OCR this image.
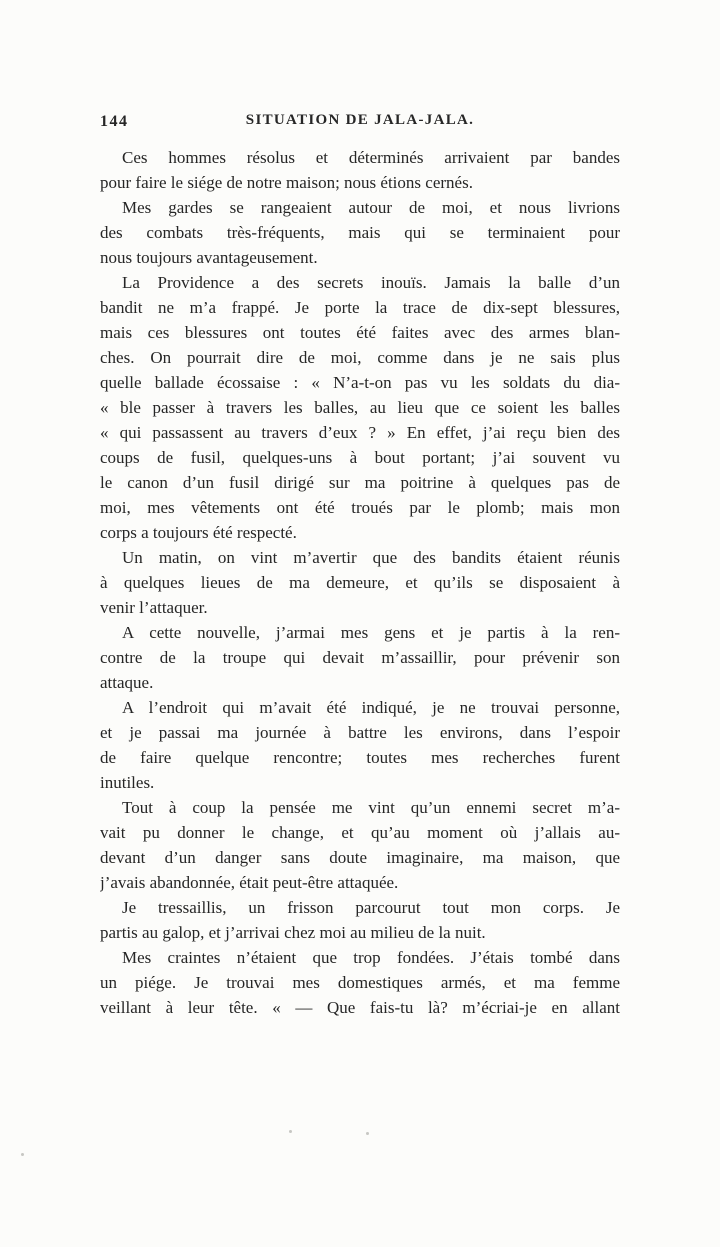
144	SITUATION DE JALA-JALA.
Ces hommes résolus et déterminés arrivaient par bandes
pour faire le siége de notre maison; nous étions cernés.
Mes gardes se rangeaient autour de moi, et nous livrions
des combats très-fréquents, mais qui se terminaient pour
nous toujours avantageusement.
La Providence a des secrets inouïs. Jamais la balle d’un
bandit ne m’a frappé. Je porte la trace de dix-sept blessures,
mais ces blessures ont toutes été faites avec des armes blan-
ches. On pourrait dire de moi, comme dans je ne sais plus
quelle ballade écossaise : « N’a-t-on pas vu les soldats du dia-
« ble passer à travers les balles, au lieu que ce soient les balles
« qui passassent au travers d’eux ? » En effet, j’ai reçu bien des
coups de fusil, quelques-uns à bout portant; j’ai souvent vu
le canon d’un fusil dirigé sur ma poitrine à quelques pas de
moi, mes vêtements ont été troués par le plomb; mais mon
corps a toujours été respecté.
Un matin, on vint m’avertir que des bandits étaient réunis
à quelques lieues de ma demeure, et qu’ils se disposaient à
venir l’attaquer.
A cette nouvelle, j’armai mes gens et je partis à la ren-
contre de la troupe qui devait m’assaillir, pour prévenir son
attaque.
A l’endroit qui m’avait été indiqué, je ne trouvai personne,
et je passai ma journée à battre les environs, dans l’espoir
de faire quelque rencontre; toutes mes recherches furent
inutiles.
Tout à coup la pensée me vint qu’un ennemi secret m’a-
vait pu donner le change, et qu’au moment où j’allais au-
devant d’un danger sans doute imaginaire, ma maison, que
j’avais abandonnée, était peut-être attaquée.
Je tressaillis, un frisson parcourut tout mon corps. Je
partis au galop, et j’arrivai chez moi au milieu de la nuit.
Mes craintes n’étaient que trop fondées. J’étais tombé dans
un piége. Je trouvai mes domestiques armés, et ma femme
veillant à leur tête. « — Que fais-tu là? m’écriai-je en allant
